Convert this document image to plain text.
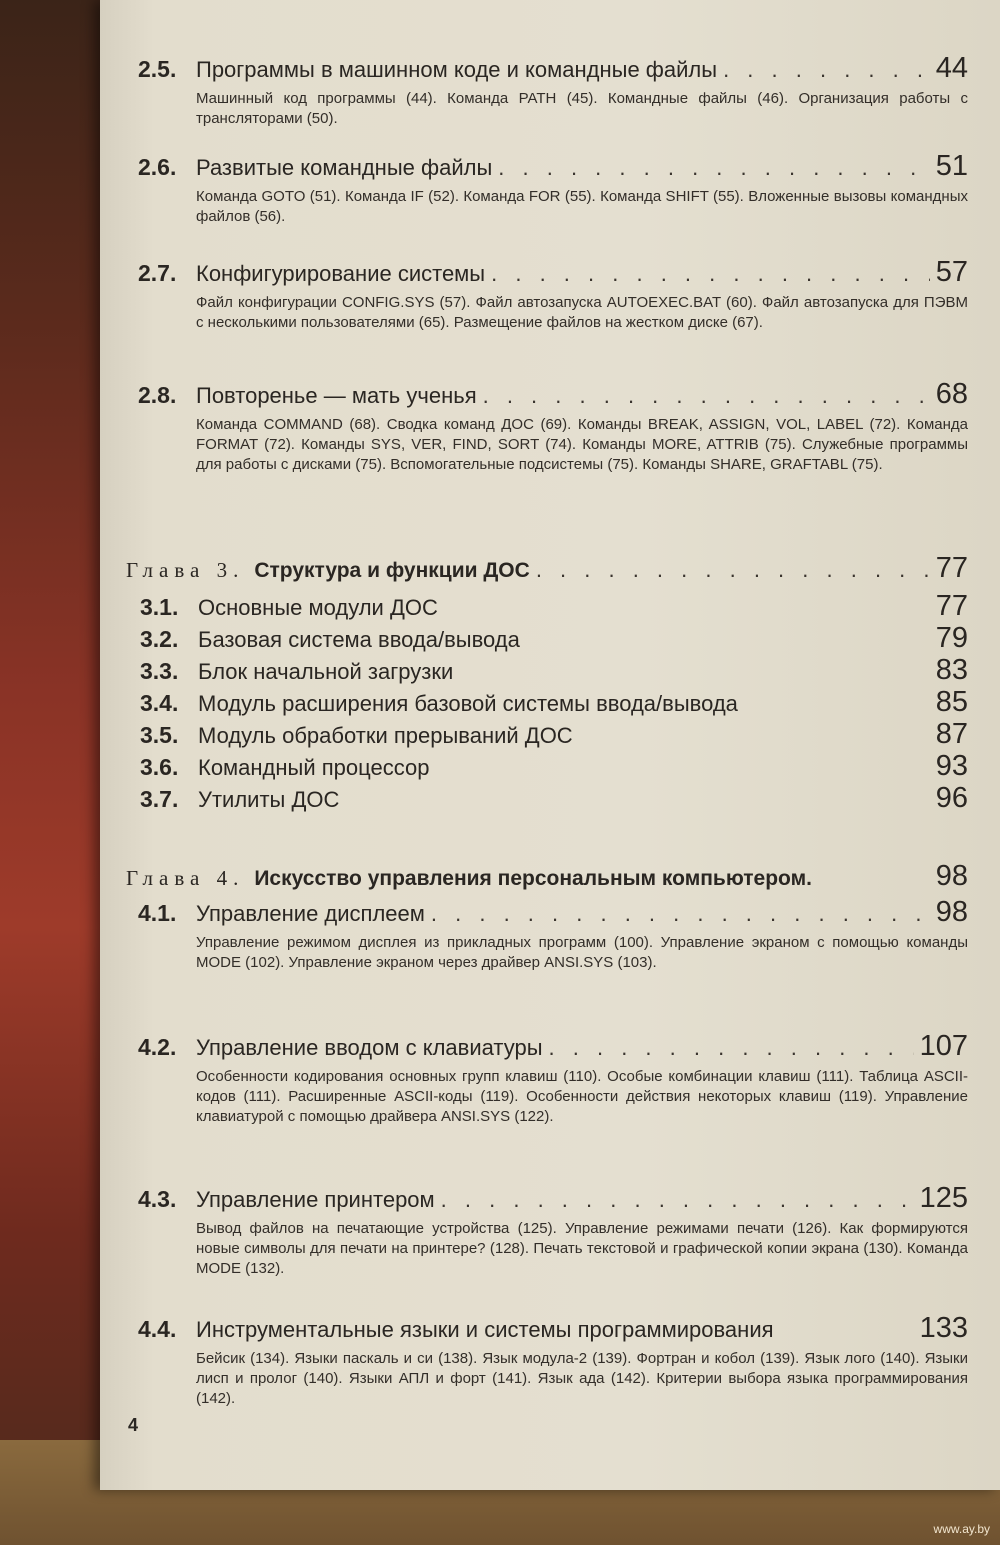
2.5. Программы в машинном коде и командные файлы . . .	44
Машинный код программы (44). Команда PATH (45). Командные файлы (46). Организация работы с трансляторами (50).
2.6. Развитые командные файлы . . .	51
Команда GOTO (51). Команда IF (52). Команда FOR (55). Команда SHIFT (55). Вложенные вызовы командных файлов (56).
2.7. Конфигурирование системы . . .	57
Файл конфигурации CONFIG.SYS (57). Файл автозапуска AUTOEXEC.BAT (60). Файл автозапуска для ПЭВМ с несколькими пользователями (65). Размещение файлов на жестком диске (67).
2.8. Повторенье — мать ученья . . .	68
Команда COMMAND (68). Сводка команд ДОС (69). Команды BREAK, ASSIGN, VOL, LABEL (72). Команда FORMAT (72). Команды SYS, VER, FIND, SORT (74). Команды MORE, ATTRIB (75). Служебные программы для работы с дисками (75). Вспомогательные подсистемы (75). Команды SHARE, GRAFTABL (75).
Глава 3. Структура и функции ДОС . . .	77
3.1. Основные модули ДОС	77
3.2. Базовая система ввода/вывода	79
3.3. Блок начальной загрузки	83
3.4. Модуль расширения базовой системы ввода/вывода	85
3.5. Модуль обработки прерываний ДОС	87
3.6. Командный процессор	93
3.7. Утилиты ДОС	96
Глава 4. Искусство управления персональным компьютером.	98
4.1. Управление дисплеем . . .	98
Управление режимом дисплея из прикладных программ (100). Управление экраном с помощью команды MODE (102). Управление экраном через драйвер ANSI.SYS (103).
4.2. Управление вводом с клавиатуры . . .	107
Особенности кодирования основных групп клавиш (110). Особые комбинации клавиш (111). Таблица ASCII-кодов (111). Расширенные ASCII-коды (119). Особенности действия некоторых клавиш (119). Управление клавиатурой с помощью драйвера ANSI.SYS (122).
4.3. Управление принтером . . .	125
Вывод файлов на печатающие устройства (125). Управление режимами печати (126). Как формируются новые символы для печати на принтере? (128). Печать текстовой и графической копии экрана (130). Команда MODE (132).
4.4. Инструментальные языки и системы программирования	133
Бейсик (134). Языки паскаль и си (138). Язык модула-2 (139). Фортран и кобол (139). Язык лого (140). Языки лисп и пролог (140). Языки АПЛ и форт (141). Язык ада (142). Критерии выбора языка программирования (142).
4
www.ay.by
